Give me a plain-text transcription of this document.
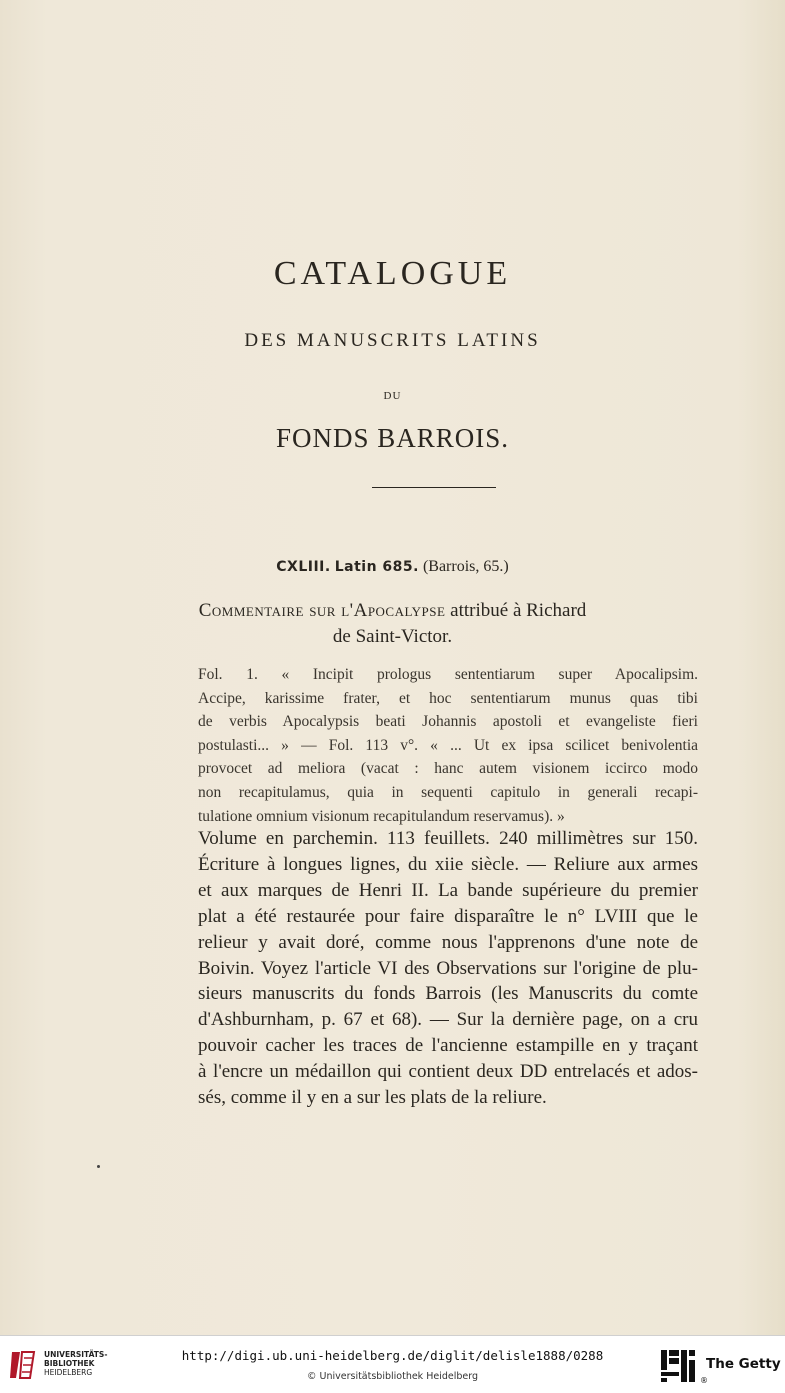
CATALOGUE
DES MANUSCRITS LATINS
DU
FONDS BARROIS.
CXLIII. Latin 685. (Barrois, 65.)
Commentaire sur l'Apocalypse attribué à Richard
de Saint-Victor.
Fol. 1. « Incipit prologus sententiarum super Apocalipsim.
Accipe, karissime frater, et hoc sententiarum munus quas tibi
de verbis Apocalypsis beati Johannis apostoli et evangeliste fieri
postulasti... » — Fol. 113 v°. « ... Ut ex ipsa scilicet benivolentia
provocet ad meliora (vacat : hanc autem visionem iccirco modo
non recapitulamus, quia in sequenti capitulo in generali recapi-
tulatione omnium visionum recapitulandum reservamus). »
Volume en parchemin. 113 feuillets. 240 millimètres sur 150.
Écriture à longues lignes, du xiie siècle. — Reliure aux armes
et aux marques de Henri II. La bande supérieure du premier
plat a été restaurée pour faire disparaître le n° LVIII que le
relieur y avait doré, comme nous l'apprenons d'une note de
Boivin. Voyez l'article VI des Observations sur l'origine de plu-
sieurs manuscrits du fonds Barrois (les Manuscrits du comte
d'Ashburnham, p. 67 et 68). — Sur la dernière page, on a cru
pouvoir cacher les traces de l'ancienne estampille en y traçant
à l'encre un médaillon qui contient deux DD entrelacés et ados-
sés, comme il y en a sur les plats de la reliure.
UNIVERSITÄTS-
BIBLIOTHEK
HEIDELBERG
http://digi.ub.uni-heidelberg.de/diglit/delisle1888/0288
© Universitätsbibliothek Heidelberg
The Getty
®
